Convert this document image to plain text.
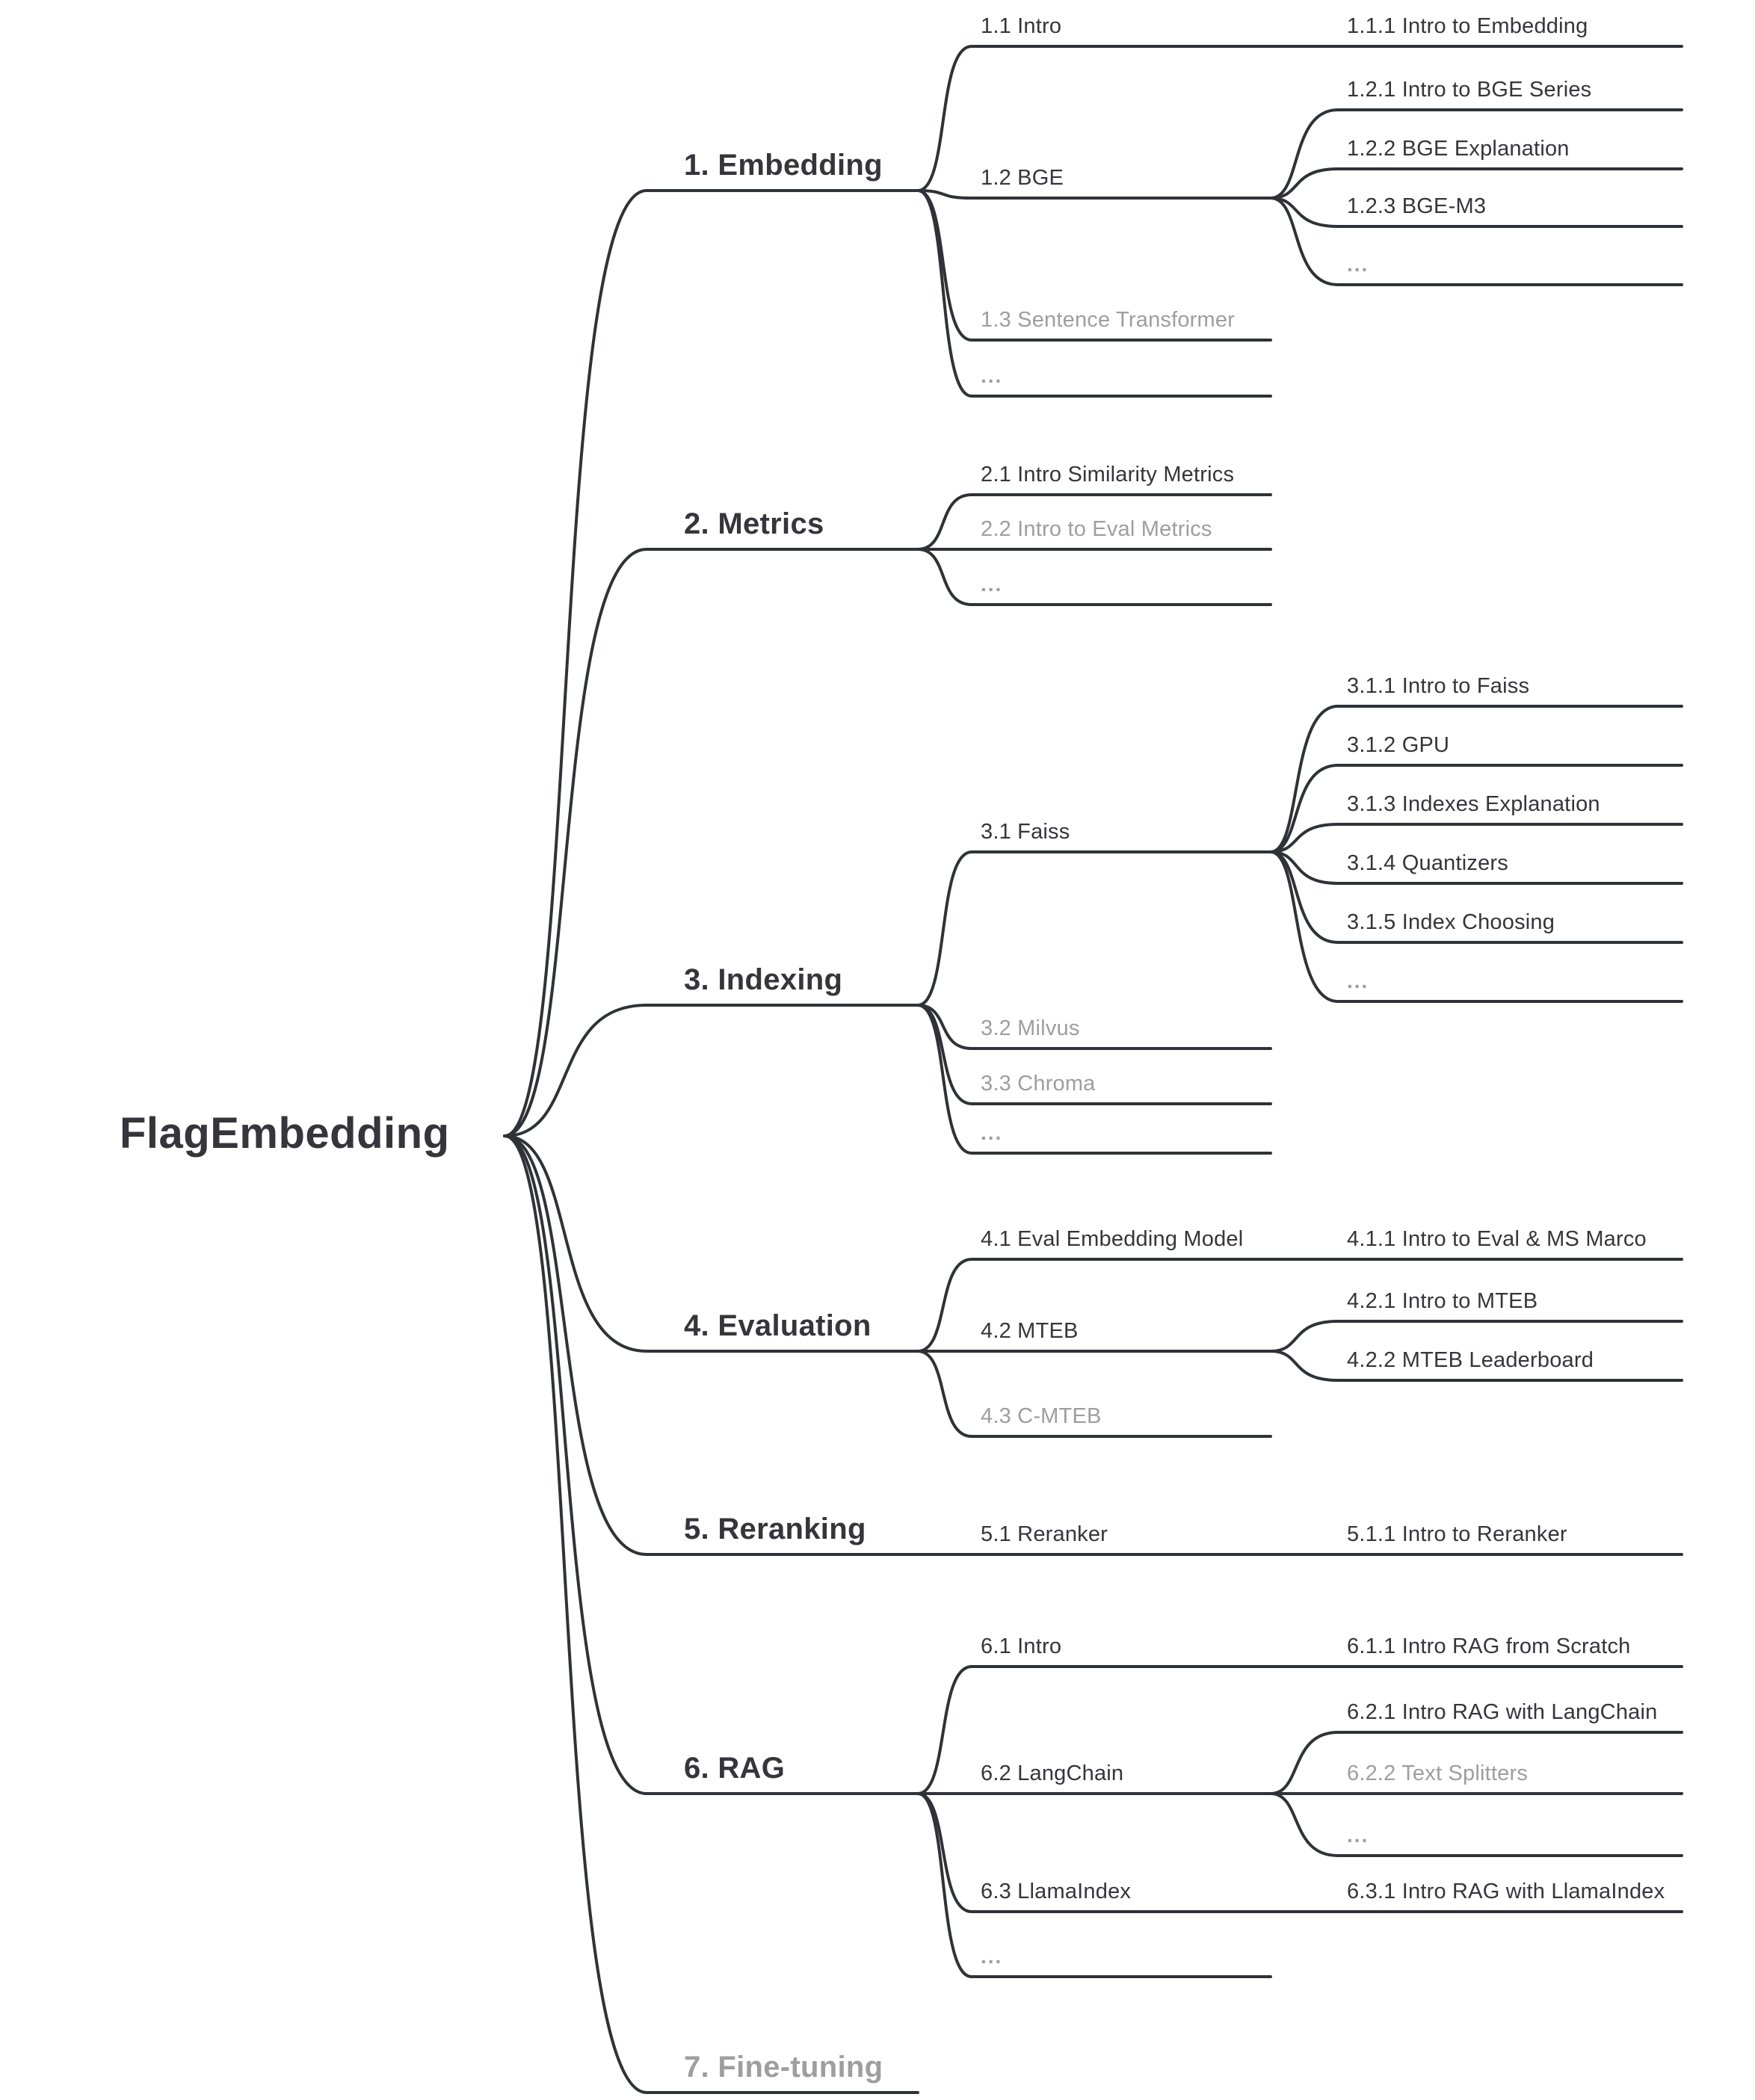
FlagEmbedding
1. Embedding
1.1 Intro	1.1.1 Intro to Embedding
1.2 BGE
1.2.1 Intro to BGE Series
1.2.2 BGE Explanation
1.2.3 BGE-M3
...
1.3 Sentence Transformer
...
2. Metrics
2.1 Intro Similarity Metrics
2.2 Intro to Eval Metrics
...
3. Indexing
3.1 Faiss
3.1.1 Intro to Faiss
3.1.2 GPU
3.1.3 Indexes Explanation
3.1.4 Quantizers
3.1.5 Index Choosing
...
3.2 Milvus
3.3 Chroma
...
4. Evaluation
4.1 Eval Embedding Model	4.1.1 Intro to Eval & MS Marco
4.2 MTEB
4.2.1 Intro to MTEB
4.2.2 MTEB Leaderboard
4.3 C-MTEB
5. Reranking	5.1 Reranker	5.1.1 Intro to Reranker
6. RAG
6.1 Intro	6.1.1 Intro RAG from Scratch
6.2 LangChain
6.2.1 Intro RAG with LangChain
6.2.2 Text Splitters
...
6.3 LlamaIndex	6.3.1 Intro RAG with LlamaIndex
...
7. Fine-tuning
